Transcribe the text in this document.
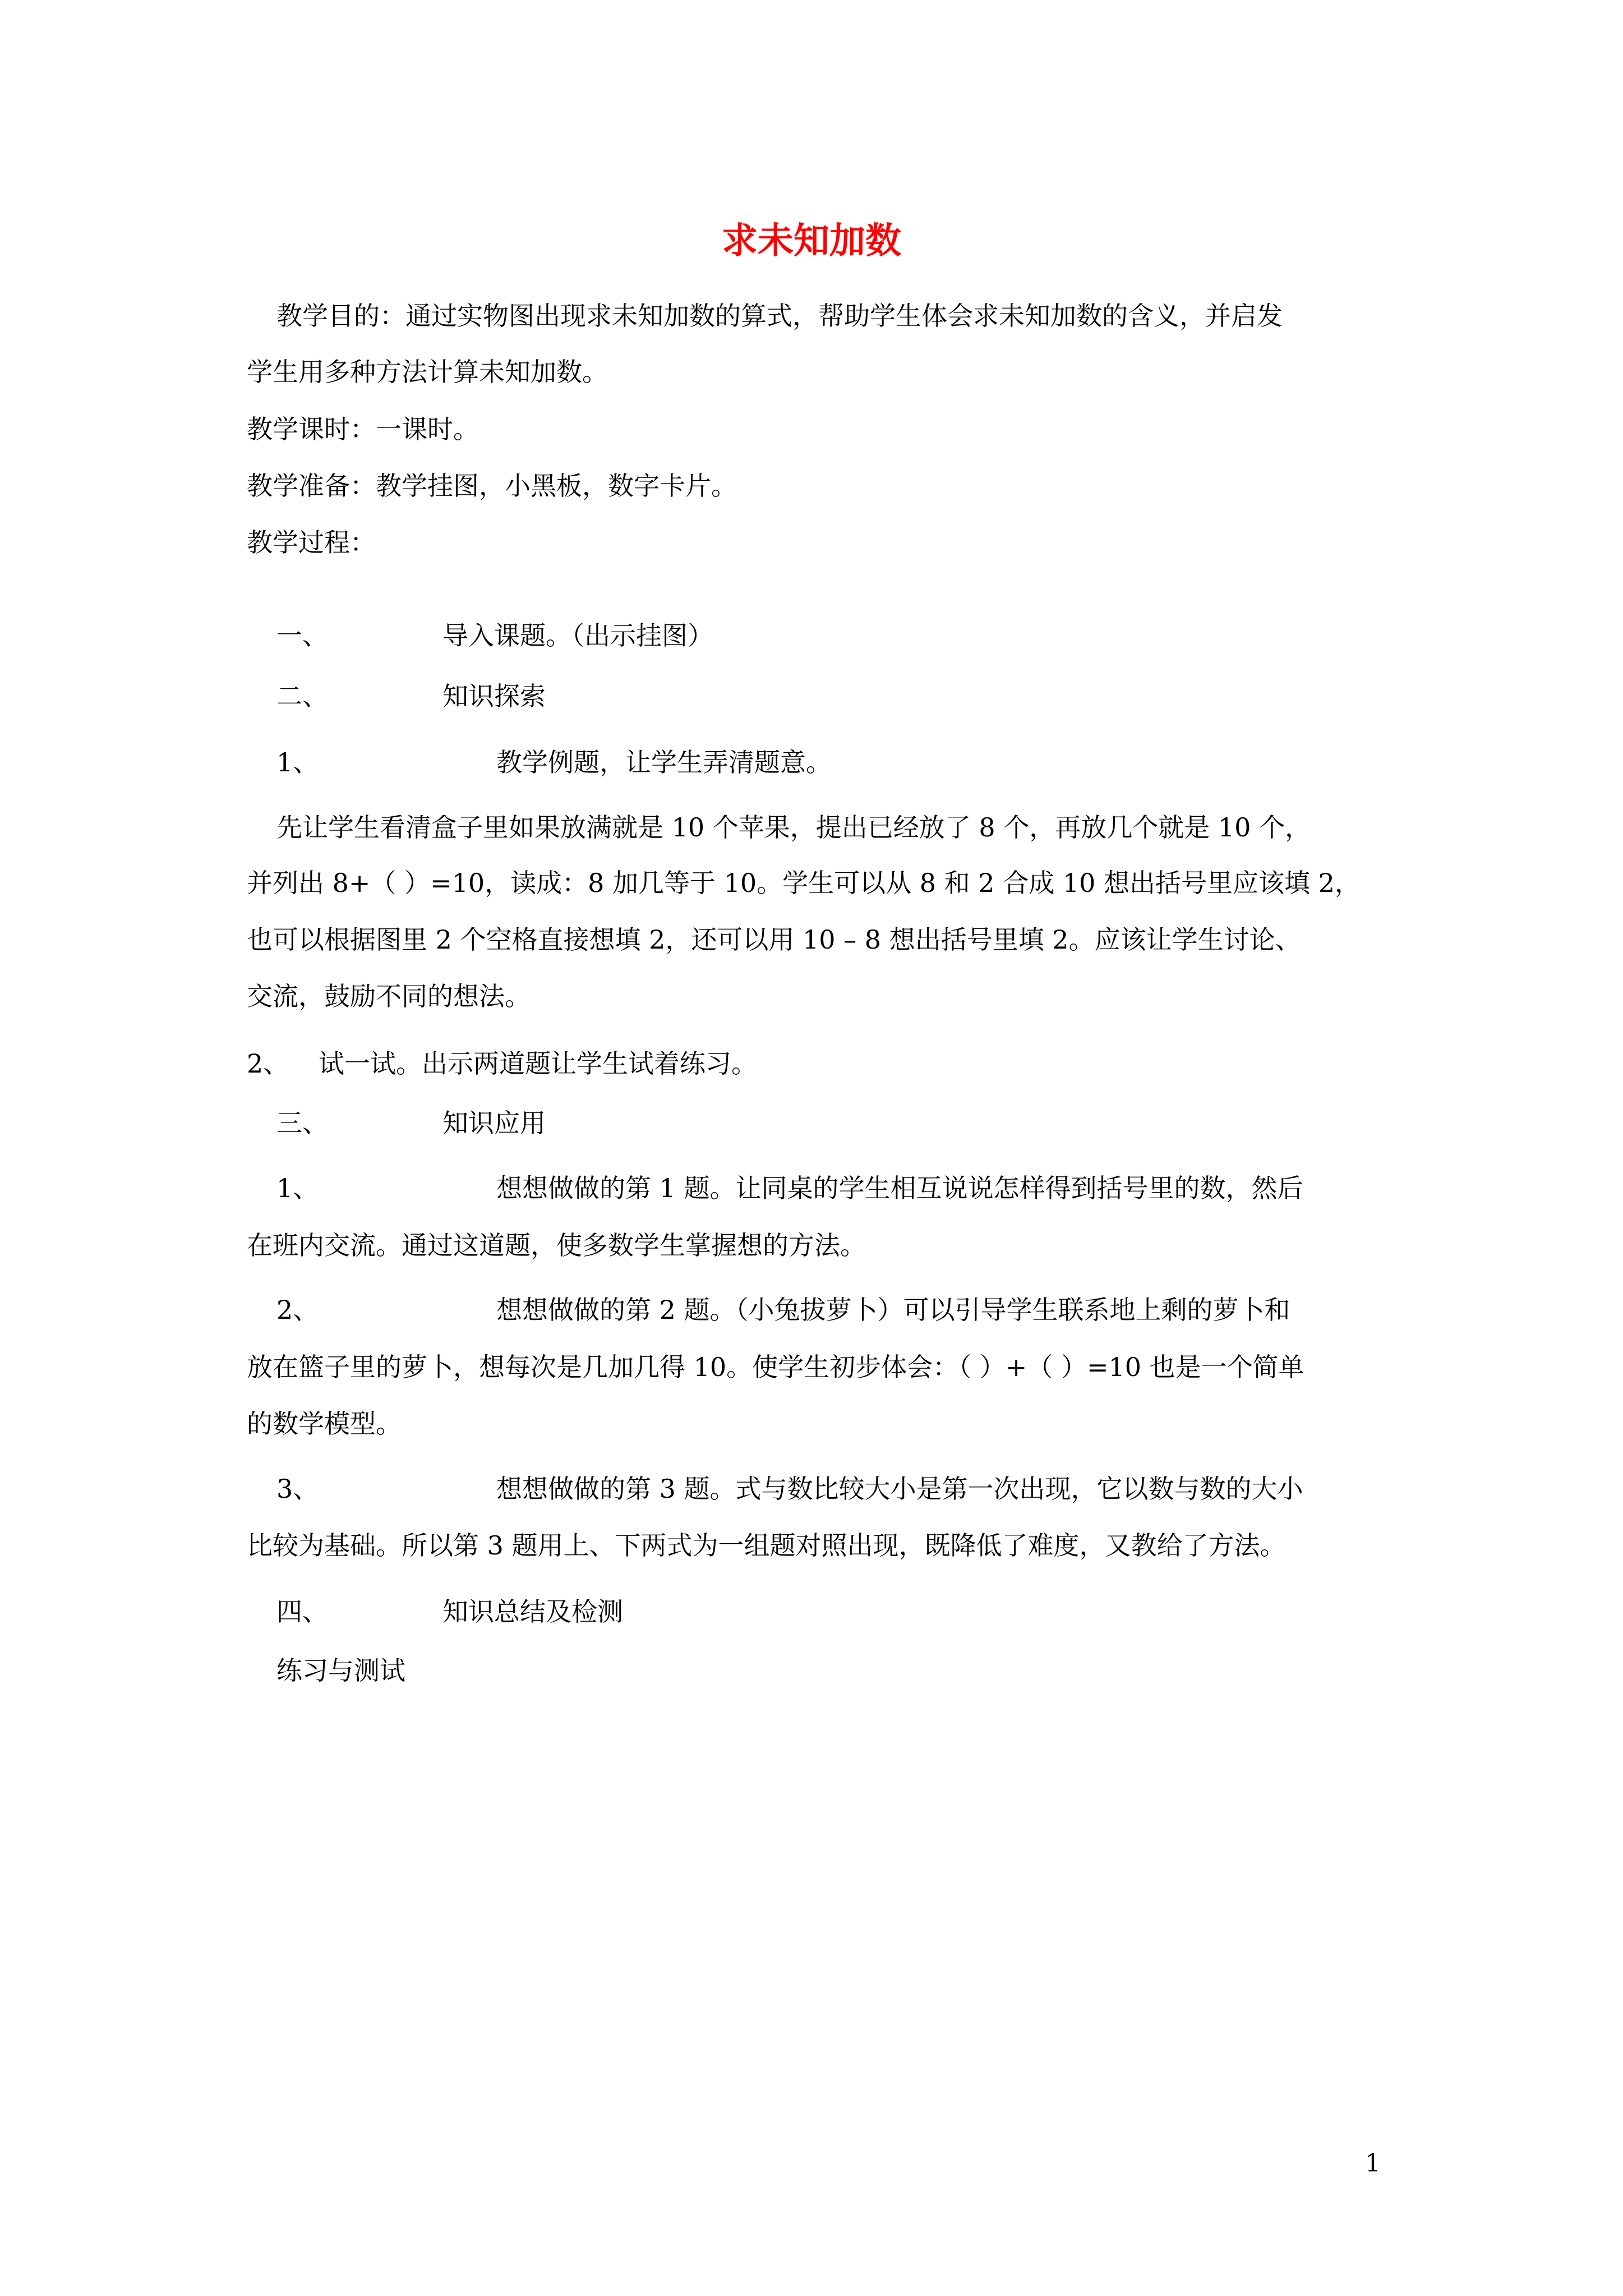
求未知加数
教学目的：通过实物图出现求未知加数的算式，帮助学生体会求未知加数的含义，并启发
学生用多种方法计算未知加数。
教学课时：一课时。
教学准备：教学挂图，小黑板，数字卡片。
教学过程：
一、	导入课题。（出示挂图）
二、	知识探索
1、	教学例题，让学生弄清题意。
先让学生看清盒子里如果放满就是 10 个苹果，提出已经放了 8 个，再放几个就是 10 个，
并列出 8+（ ）=10，读成：8 加几等于 10。学生可以从 8 和 2 合成 10 想出括号里应该填 2，
也可以根据图里 2 个空格直接想填 2，还可以用 10 – 8 想出括号里填 2。应该让学生讨论、
交流，鼓励不同的想法。
2、 试一试。出示两道题让学生试着练习。
三、	知识应用
1、	想想做做的第 1 题。让同桌的学生相互说说怎样得到括号里的数，然后
在班内交流。通过这道题，使多数学生掌握想的方法。
2、	想想做做的第 2 题。（小兔拔萝卜）可以引导学生联系地上剩的萝卜和
放在篮子里的萝卜，想每次是几加几得 10。使学生初步体会：（ ）+（ ）=10 也是一个简单
的数学模型。
3、	想想做做的第 3 题。式与数比较大小是第一次出现，它以数与数的大小
比较为基础。所以第 3 题用上、下两式为一组题对照出现，既降低了难度，又教给了方法。
四、	知识总结及检测
练习与测试
1
